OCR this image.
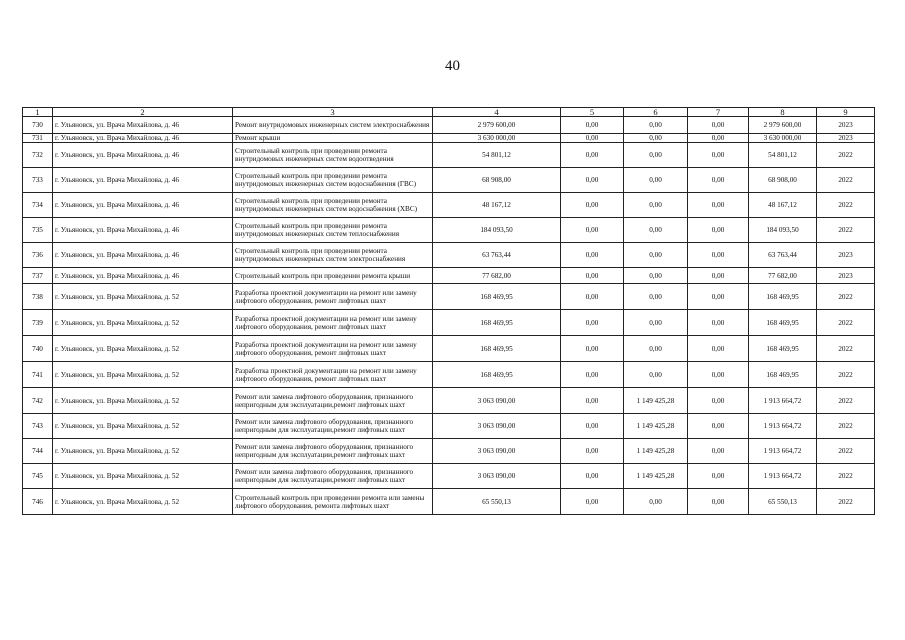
40
1	2	3	4	5	6	7	8	9
730	г. Ульяновск, ул. Врача Михайлова, д. 46	Ремонт внутридомовых инженерных систем электроснабжения	2 979 600,00	0,00	0,00	0,00	2 979 600,00	2023
731	г. Ульяновск, ул. Врача Михайлова, д. 46	Ремонт крыши	3 630 000,00	0,00	0,00	0,00	3 630 000,00	2023
732	г. Ульяновск, ул. Врача Михайлова, д. 46	Строительный контроль при проведении ремонта внутридомовых инженерных систем водоотведения	54 801,12	0,00	0,00	0,00	54 801,12	2022
733	г. Ульяновск, ул. Врача Михайлова, д. 46	Строительный контроль при проведении ремонта внутридомовых инженерных систем водоснабжения (ГВС)	68 908,00	0,00	0,00	0,00	68 908,00	2022
734	г. Ульяновск, ул. Врача Михайлова, д. 46	Строительный контроль при проведении ремонта внутридомовых инженерных систем водоснабжения (ХВС)	48 167,12	0,00	0,00	0,00	48 167,12	2022
735	г. Ульяновск, ул. Врача Михайлова, д. 46	Строительный контроль при проведении ремонта внутридомовых инженерных систем теплоснабжения	184 093,50	0,00	0,00	0,00	184 093,50	2022
736	г. Ульяновск, ул. Врача Михайлова, д. 46	Строительный контроль при проведении ремонта внутридомовых инженерных систем электроснабжения	63 763,44	0,00	0,00	0,00	63 763,44	2023
737	г. Ульяновск, ул. Врача Михайлова, д. 46	Строительный контроль при проведении ремонта крыши	77 682,00	0,00	0,00	0,00	77 682,00	2023
738	г. Ульяновск, ул. Врача Михайлова, д. 52	Разработка проектной документации на ремонт или замену лифтового оборудования, ремонт лифтовых шахт	168 469,95	0,00	0,00	0,00	168 469,95	2022
739	г. Ульяновск, ул. Врача Михайлова, д. 52	Разработка проектной документации на ремонт или замену лифтового оборудования, ремонт лифтовых шахт	168 469,95	0,00	0,00	0,00	168 469,95	2022
740	г. Ульяновск, ул. Врача Михайлова, д. 52	Разработка проектной документации на ремонт или замену лифтового оборудования, ремонт лифтовых шахт	168 469,95	0,00	0,00	0,00	168 469,95	2022
741	г. Ульяновск, ул. Врача Михайлова, д. 52	Разработка проектной документации на ремонт или замену лифтового оборудования, ремонт лифтовых шахт	168 469,95	0,00	0,00	0,00	168 469,95	2022
742	г. Ульяновск, ул. Врача Михайлова, д. 52	Ремонт или замена лифтового оборудования, признанного непригодным для эксплуатации,ремонт лифтовых шахт	3 063 090,00	0,00	1 149 425,28	0,00	1 913 664,72	2022
743	г. Ульяновск, ул. Врача Михайлова, д. 52	Ремонт или замена лифтового оборудования, признанного непригодным для эксплуатации,ремонт лифтовых шахт	3 063 090,00	0,00	1 149 425,28	0,00	1 913 664,72	2022
744	г. Ульяновск, ул. Врача Михайлова, д. 52	Ремонт или замена лифтового оборудования, признанного непригодным для эксплуатации,ремонт лифтовых шахт	3 063 090,00	0,00	1 149 425,28	0,00	1 913 664,72	2022
745	г. Ульяновск, ул. Врача Михайлова, д. 52	Ремонт или замена лифтового оборудования, признанного непригодным для эксплуатации,ремонт лифтовых шахт	3 063 090,00	0,00	1 149 425,28	0,00	1 913 664,72	2022
746	г. Ульяновск, ул. Врача Михайлова, д. 52	Строительный контроль при проведении ремонта или замены лифтового оборудования, ремонта лифтовых шахт	65 550,13	0,00	0,00	0,00	65 550,13	2022
